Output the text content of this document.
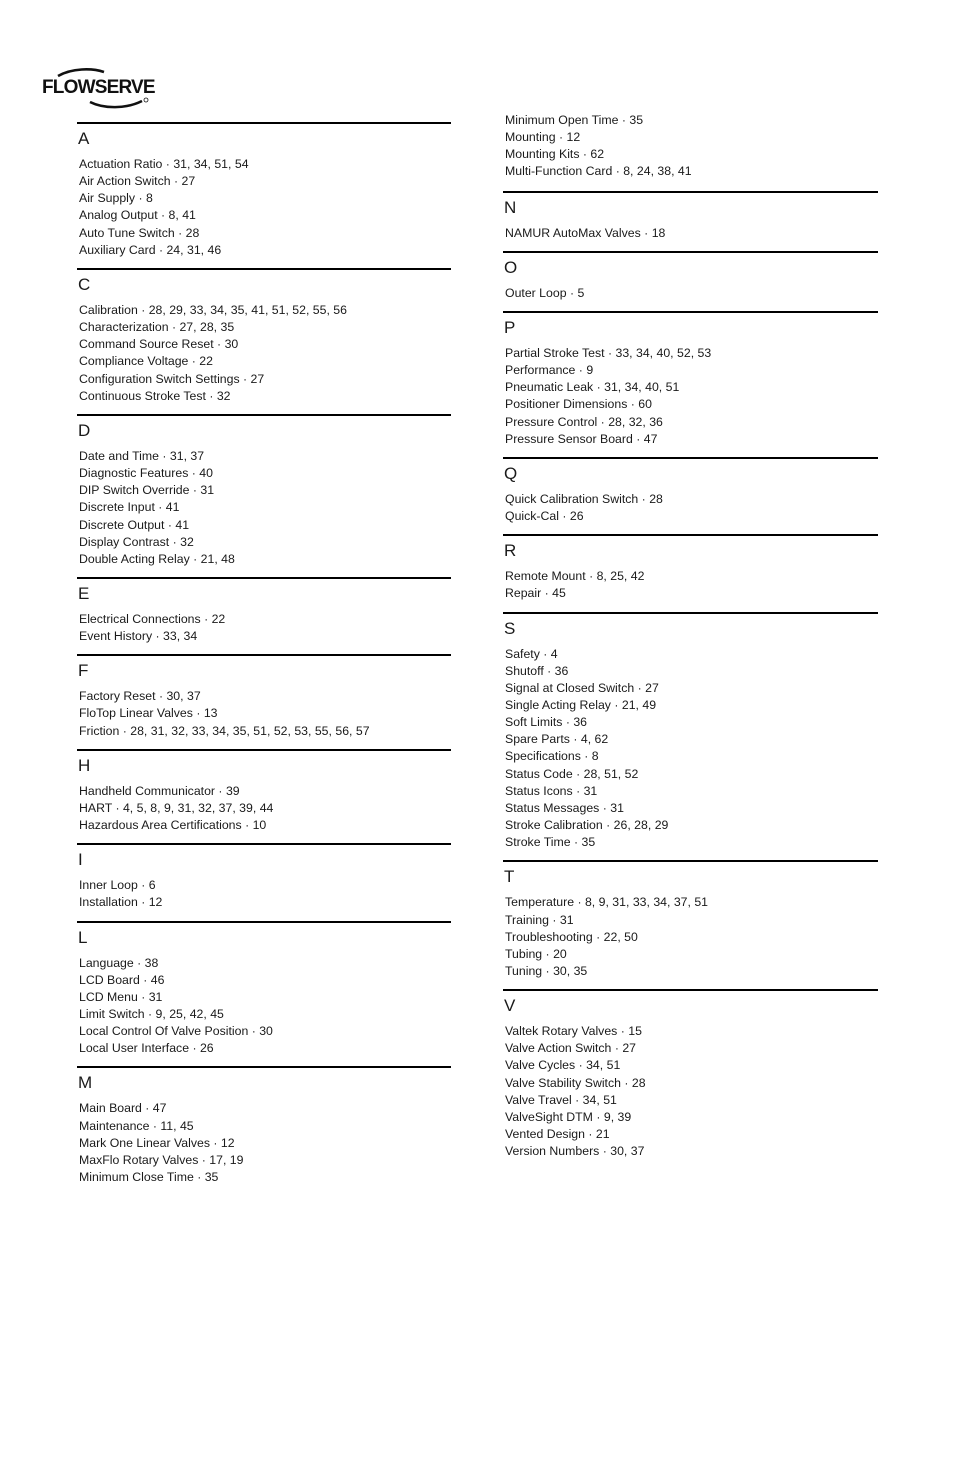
FLOWSERVE
A
Actuation Ratio · 31, 34, 51, 54
Air Action Switch · 27
Air Supply · 8
Analog Output · 8, 41
Auto Tune Switch · 28
Auxiliary Card · 24, 31, 46
C
Calibration · 28, 29, 33, 34, 35, 41, 51, 52, 55, 56
Characterization · 27, 28, 35
Command Source Reset · 30
Compliance Voltage · 22
Configuration Switch Settings · 27
Continuous Stroke Test · 32
D
Date and Time · 31, 37
Diagnostic Features · 40
DIP Switch Override · 31
Discrete Input · 41
Discrete Output · 41
Display Contrast · 32
Double Acting Relay · 21, 48
E
Electrical Connections · 22
Event History · 33, 34
F
Factory Reset · 30, 37
FloTop Linear Valves · 13
Friction · 28, 31, 32, 33, 34, 35, 51, 52, 53, 55, 56, 57
H
Handheld Communicator · 39
HART · 4, 5, 8, 9, 31, 32, 37, 39, 44
Hazardous Area Certifications · 10
I
Inner Loop · 6
Installation · 12
L
Language · 38
LCD Board · 46
LCD Menu · 31
Limit Switch · 9, 25, 42, 45
Local Control Of Valve Position · 30
Local User Interface · 26
M
Main Board · 47
Maintenance · 11, 45
Mark One Linear Valves · 12
MaxFlo Rotary Valves · 17, 19
Minimum Close Time · 35
Minimum Open Time · 35
Mounting · 12
Mounting Kits · 62
Multi-Function Card · 8, 24, 38, 41
N
NAMUR AutoMax Valves · 18
O
Outer Loop · 5
P
Partial Stroke Test · 33, 34, 40, 52, 53
Performance · 9
Pneumatic Leak · 31, 34, 40, 51
Positioner Dimensions · 60
Pressure Control · 28, 32, 36
Pressure Sensor Board · 47
Q
Quick Calibration Switch · 28
Quick-Cal · 26
R
Remote Mount · 8, 25, 42
Repair · 45
S
Safety · 4
Shutoff · 36
Signal at Closed Switch · 27
Single Acting Relay · 21, 49
Soft Limits · 36
Spare Parts · 4, 62
Specifications · 8
Status Code · 28, 51, 52
Status Icons · 31
Status Messages · 31
Stroke Calibration · 26, 28, 29
Stroke Time · 35
T
Temperature · 8, 9, 31, 33, 34, 37, 51
Training · 31
Troubleshooting · 22, 50
Tubing · 20
Tuning · 30, 35
V
Valtek Rotary Valves · 15
Valve Action Switch · 27
Valve Cycles · 34, 51
Valve Stability Switch · 28
Valve Travel · 34, 51
ValveSight DTM · 9, 39
Vented Design · 21
Version Numbers · 30, 37
